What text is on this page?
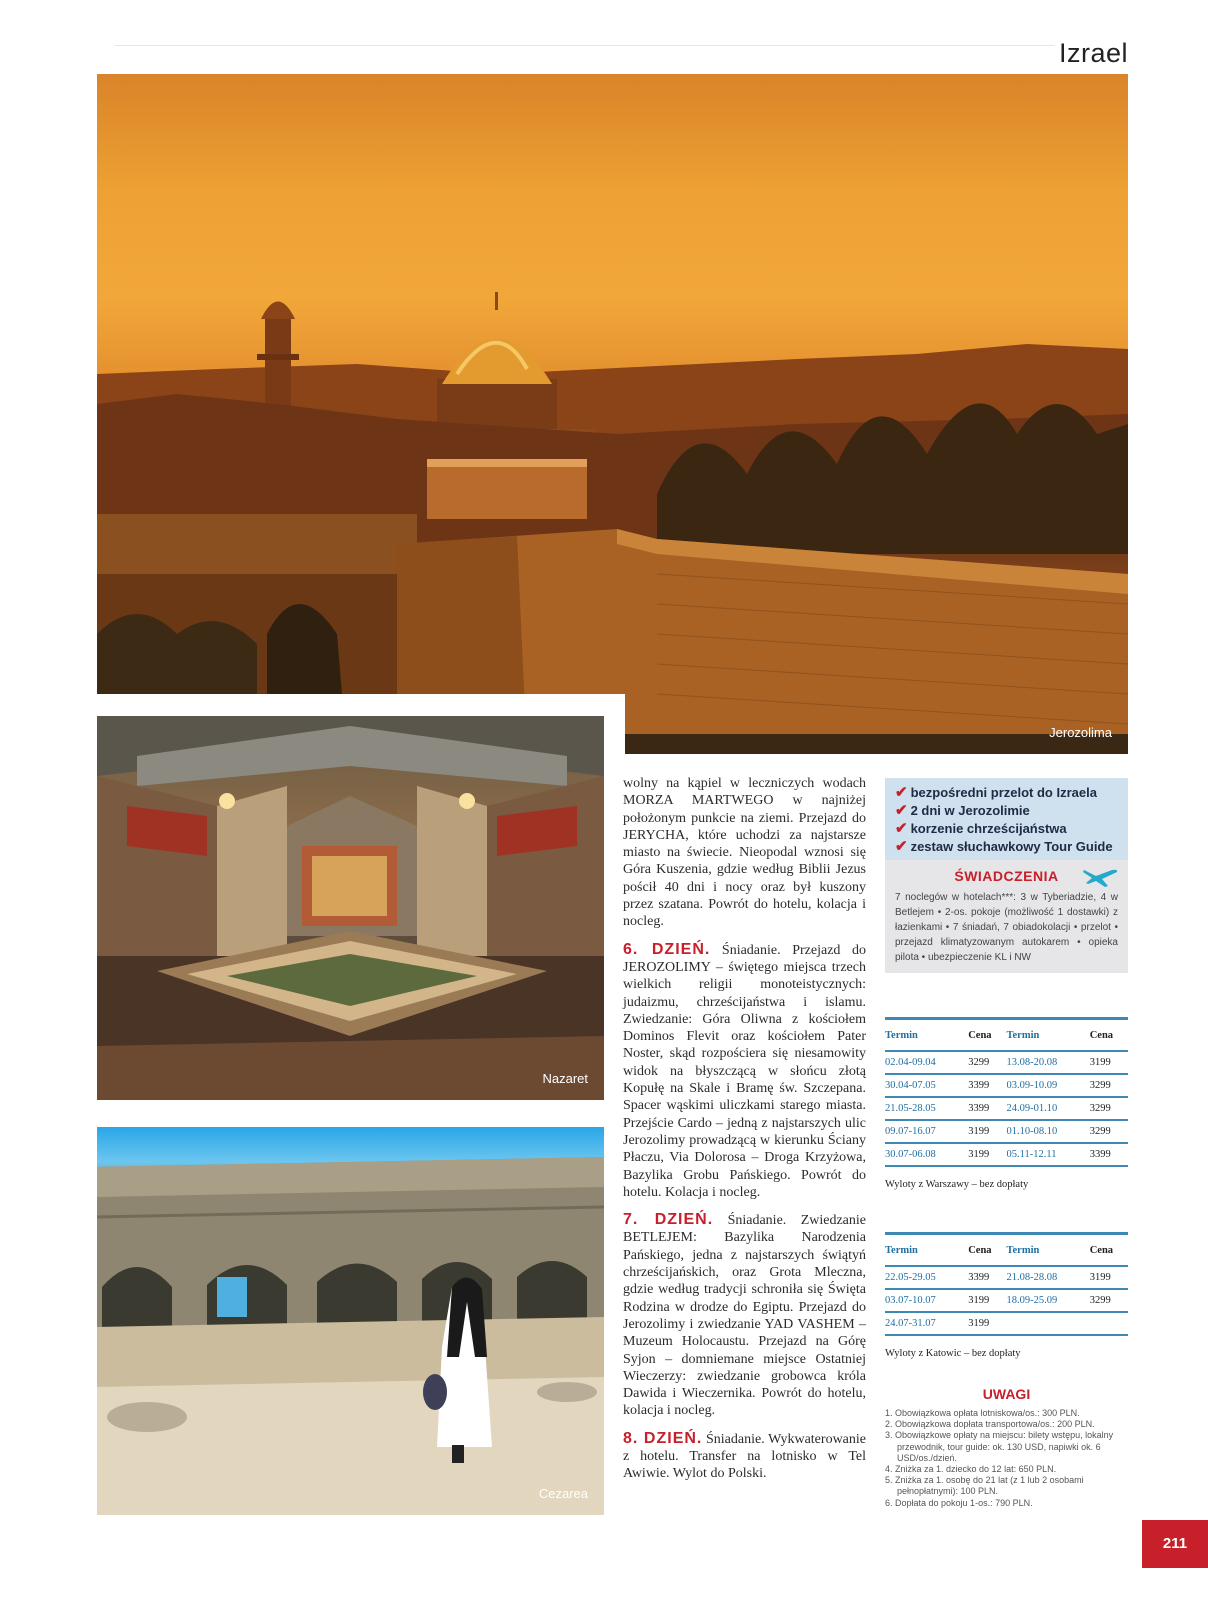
Izrael
Jerozolima
Nazaret
Cezarea

wolny na kąpiel w leczniczych wodach MORZA MARTWEGO w najniżej położonym punkcie na ziemi. Przejazd do JERYCHA, które uchodzi za najstarsze miasto na świecie. Nieopodal wznosi się Góra Kuszenia, gdzie według Biblii Jezus pościł 40 dni i nocy oraz był kuszony przez szatana. Powrót do hotelu, kolacja i nocleg.

6. DZIEŃ. Śniadanie. Przejazd do JEROZOLIMY – świętego miejsca trzech wielkich religii monoteistycznych: judaizmu, chrześcijaństwa i islamu. Zwiedzanie: Góra Oliwna z kościołem Dominos Flevit oraz kościołem Pater Noster, skąd rozpościera się niesamowity widok na błyszczącą w słońcu złotą Kopułę na Skale i Bramę św. Szczepana. Spacer wąskimi uliczkami starego miasta. Przejście Cardo – jedną z najstarszych ulic Jerozolimy prowadzącą w kierunku Ściany Płaczu, Via Dolorosa – Droga Krzyżowa, Bazylika Grobu Pańskiego. Powrót do hotelu. Kolacja i nocleg.

7. DZIEŃ. Śniadanie. Zwiedzanie BETLEJEM: Bazylika Narodzenia Pańskiego, jedna z najstarszych świątyń chrześcijańskich, oraz Grota Mleczna, gdzie według tradycji schroniła się Święta Rodzina w drodze do Egiptu. Przejazd do Jerozolimy i zwiedzanie YAD VASHEM – Muzeum Holocaustu. Przejazd na Górę Syjon – domniemane miejsce Ostatniej Wieczerzy: zwiedzanie grobowca króla Dawida i Wieczernika. Powrót do hotelu, kolacja i nocleg.

8. DZIEŃ. Śniadanie. Wykwaterowanie z hotelu. Transfer na lotnisko w Tel Awiwie. Wylot do Polski.

✔ bezpośredni przelot do Izraela
✔ 2 dni w Jerozolimie
✔ korzenie chrześcijaństwa
✔ zestaw słuchawkowy Tour Guide
ŚWIADCZENIA
7 noclegów w hotelach***: 3 w Tyberiadzie, 4 w Betlejem • 2-os. pokoje (możliwość 1 dostawki) z łazienkami • 7 śniadań, 7 obiadokolacji • przelot • przejazd klimatyzowanym autokarem • opieka pilota • ubezpieczenie KL i NW
Termin	Cena	Termin	Cena
02.04-09.04	3299	13.08-20.08	3199
30.04-07.05	3399	03.09-10.09	3299
21.05-28.05	3399	24.09-01.10	3299
09.07-16.07	3199	01.10-08.10	3299
30.07-06.08	3199	05.11-12.11	3399
Wyloty z Warszawy – bez dopłaty
Termin	Cena	Termin	Cena
22.05-29.05	3399	21.08-28.08	3199
03.07-10.07	3199	18.09-25.09	3299
24.07-31.07	3199		
Wyloty z Katowic – bez dopłaty
UWAGI
1. Obowiązkowa opłata lotniskowa/os.: 300 PLN.
2. Obowiązkowa dopłata transportowa/os.: 200 PLN.
3. Obowiązkowe opłaty na miejscu: bilety wstępu, lokalny przewodnik, tour guide: ok. 130 USD, napiwki ok. 6 USD/os./dzień.
4. Zniżka za 1. dziecko do 12 lat: 650 PLN.
5. Zniżka za 1. osobę do 21 lat (z 1 lub 2 osobami pełnopłatnymi): 100 PLN.
6. Dopłata do pokoju 1-os.: 790 PLN.
211
